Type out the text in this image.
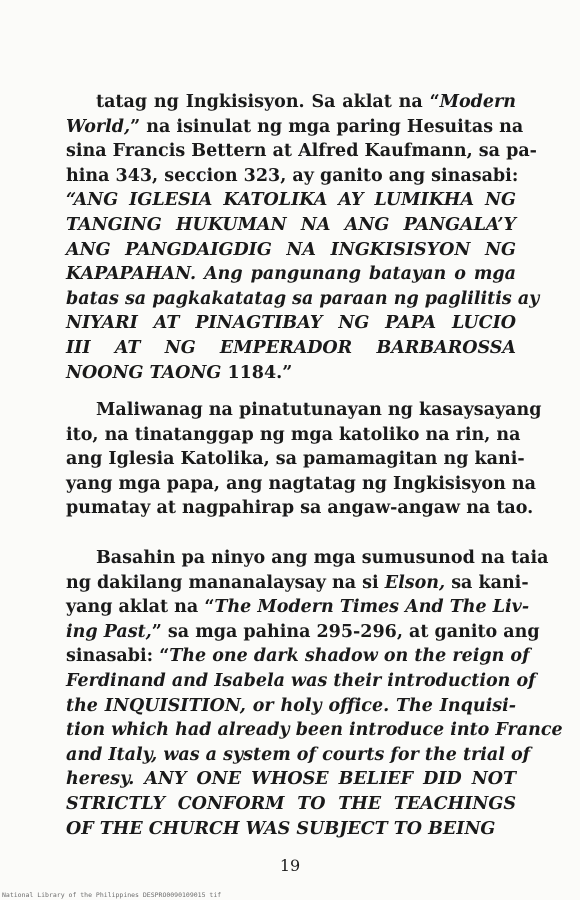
tatag ng Ingkisisyon. Sa aklat na “Modern
World,” na isinulat ng mga paring Hesuitas na
sina Francis Bettern at Alfred Kaufmann, sa pa-
hina 343, seccion 323, ay ganito ang sinasabi:
“ANG IGLESIA KATOLIKA AY LUMIKHA NG
TANGING HUKUMAN NA ANG PANGALA’Y
ANG PANGDAIGDIG NA INGKISISYON NG
KAPAPAHAN. Ang pangunang batayan o mga
batas sa pagkakatatag sa paraan ng paglilitis ay
NIYARI AT PINAGTIBAY NG PAPA LUCIO
III AT NG EMPERADOR BARBAROSSA
NOONG TAONG 1184.”
Maliwanag na pinatutunayan ng kasaysayang
ito, na tinatanggap ng mga katoliko na rin, na
ang Iglesia Katolika, sa pamamagitan ng kani-
yang mga papa, ang nagtatag ng Ingkisisyon na
pumatay at nagpahirap sa angaw-angaw na tao.
Basahin pa ninyo ang mga sumusunod na taia
ng dakilang mananalaysay na si Elson, sa kani-
yang aklat na “The Modern Times And The Liv-
ing Past,” sa mga pahina 295-296, at ganito ang
sinasabi: “The one dark shadow on the reign of
Ferdinand and Isabela was their introduction of
the INQUISITION, or holy office. The Inquisi-
tion which had already been introduce into France
and Italy, was a system of courts for the trial of
heresy. ANY ONE WHOSE BELIEF DID NOT
STRICTLY CONFORM TO THE TEACHINGS
OF THE CHURCH WAS SUBJECT TO BEING
19
National Library of the Philippines DESPRO0090109015 tif
